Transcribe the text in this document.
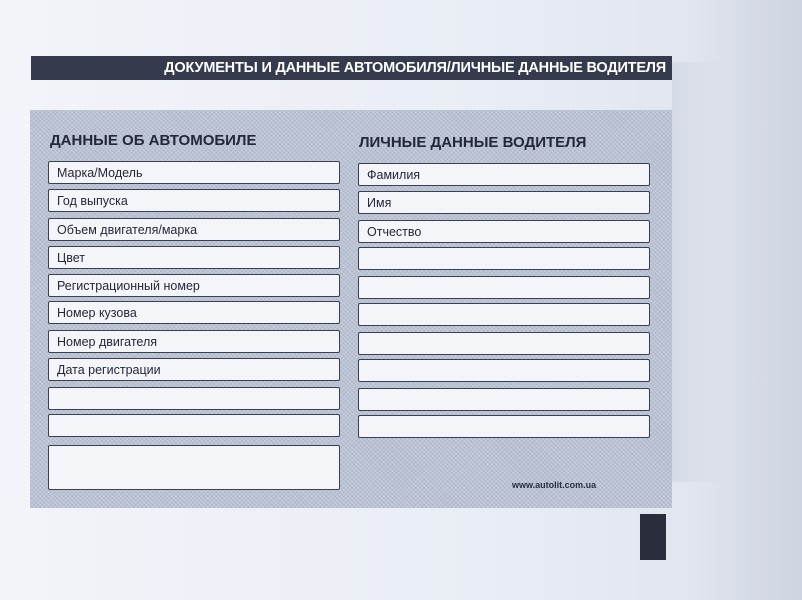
ДОКУМЕНТЫ И ДАННЫЕ АВТОМОБИЛЯ/ЛИЧНЫЕ ДАННЫЕ ВОДИТЕЛЯ
ДАННЫЕ ОБ АВТОМОБИЛЕ	ЛИЧНЫЕ ДАННЫЕ ВОДИТЕЛЯ
Марка/Модель
Год выпуска
Объем двигателя/марка
Цвет
Регистрационный номер
Номер кузова
Номер двигателя
Дата регистрации
Фамилия
Имя
Отчество
www.autolit.com.ua
